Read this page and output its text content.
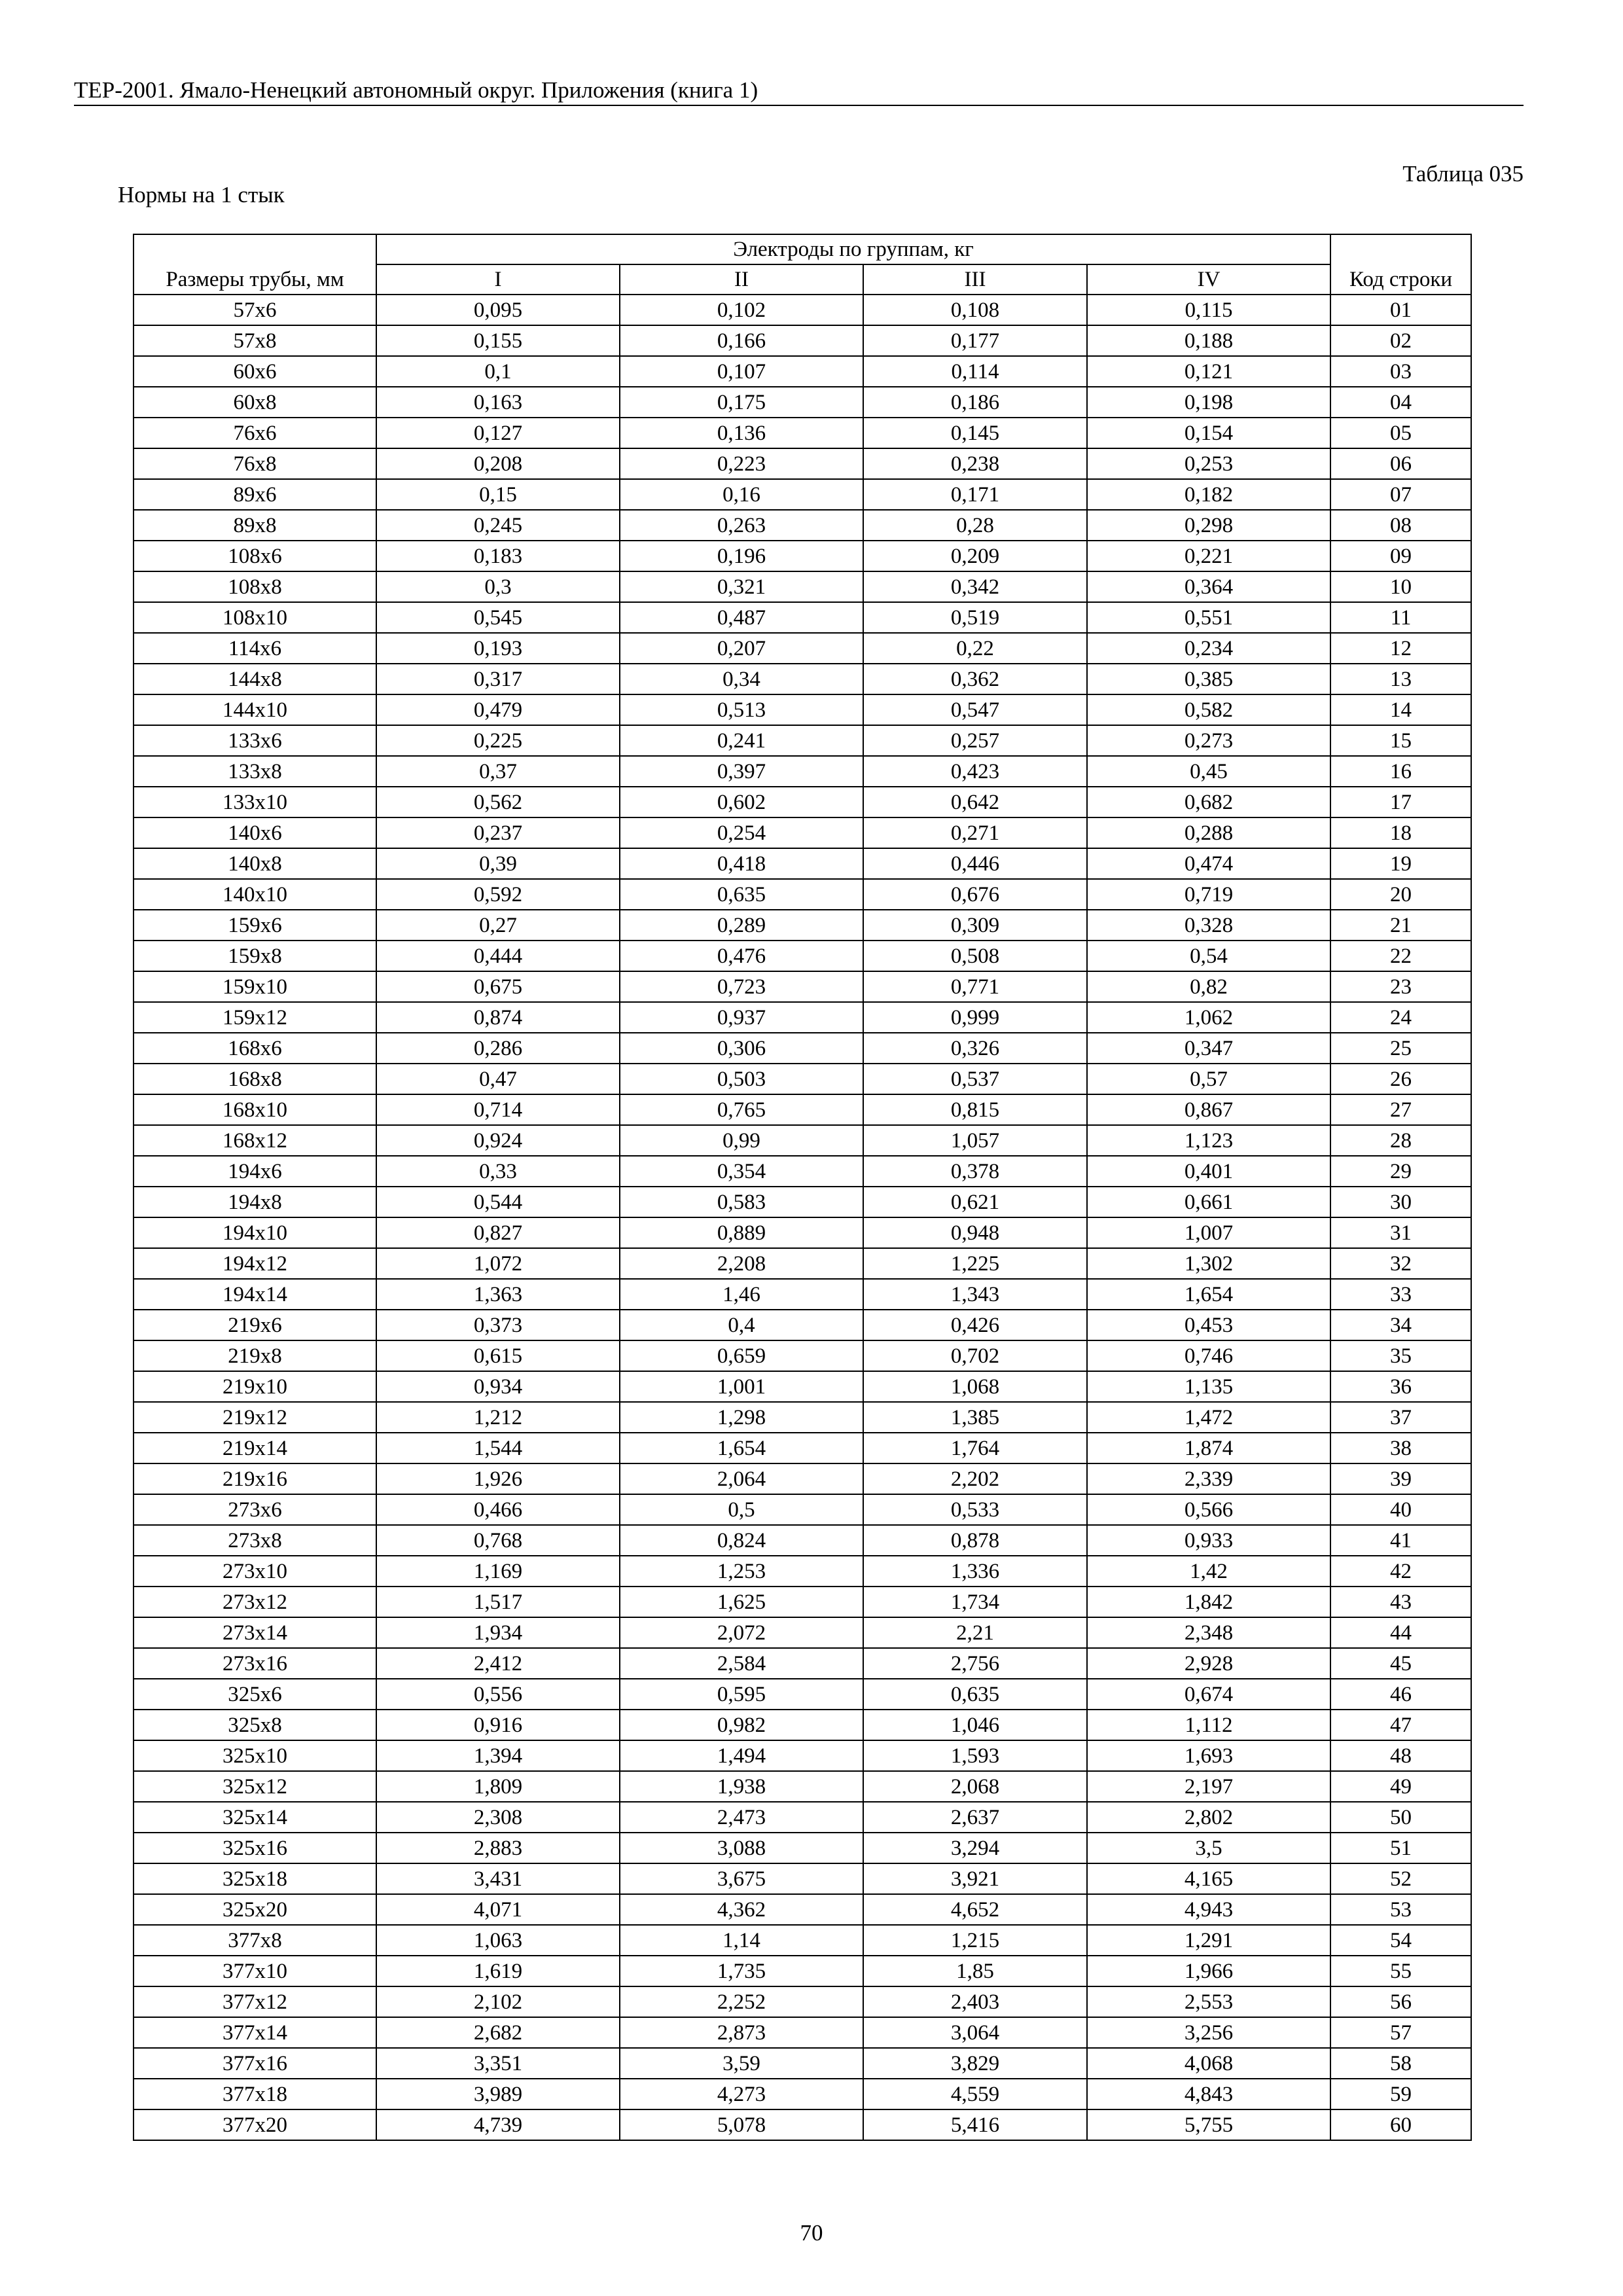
ТЕР-2001. Ямало-Ненецкий автономный округ. Приложения (книга 1)
Таблица 035
Нормы на 1 стык
Размеры трубы, мм	Электроды по группам, кг				Код строки
	I	II	III	IV	
57х6	0,095	0,102	0,108	0,115	01
57х8	0,155	0,166	0,177	0,188	02
60х6	0,1	0,107	0,114	0,121	03
60х8	0,163	0,175	0,186	0,198	04
76х6	0,127	0,136	0,145	0,154	05
76х8	0,208	0,223	0,238	0,253	06
89х6	0,15	0,16	0,171	0,182	07
89х8	0,245	0,263	0,28	0,298	08
108х6	0,183	0,196	0,209	0,221	09
108х8	0,3	0,321	0,342	0,364	10
108х10	0,545	0,487	0,519	0,551	11
114х6	0,193	0,207	0,22	0,234	12
144х8	0,317	0,34	0,362	0,385	13
144х10	0,479	0,513	0,547	0,582	14
133х6	0,225	0,241	0,257	0,273	15
133х8	0,37	0,397	0,423	0,45	16
133х10	0,562	0,602	0,642	0,682	17
140х6	0,237	0,254	0,271	0,288	18
140х8	0,39	0,418	0,446	0,474	19
140х10	0,592	0,635	0,676	0,719	20
159х6	0,27	0,289	0,309	0,328	21
159х8	0,444	0,476	0,508	0,54	22
159х10	0,675	0,723	0,771	0,82	23
159х12	0,874	0,937	0,999	1,062	24
168х6	0,286	0,306	0,326	0,347	25
168х8	0,47	0,503	0,537	0,57	26
168х10	0,714	0,765	0,815	0,867	27
168х12	0,924	0,99	1,057	1,123	28
194х6	0,33	0,354	0,378	0,401	29
194х8	0,544	0,583	0,621	0,661	30
194х10	0,827	0,889	0,948	1,007	31
194х12	1,072	2,208	1,225	1,302	32
194х14	1,363	1,46	1,343	1,654	33
219х6	0,373	0,4	0,426	0,453	34
219х8	0,615	0,659	0,702	0,746	35
219х10	0,934	1,001	1,068	1,135	36
219х12	1,212	1,298	1,385	1,472	37
219х14	1,544	1,654	1,764	1,874	38
219х16	1,926	2,064	2,202	2,339	39
273х6	0,466	0,5	0,533	0,566	40
273х8	0,768	0,824	0,878	0,933	41
273х10	1,169	1,253	1,336	1,42	42
273х12	1,517	1,625	1,734	1,842	43
273х14	1,934	2,072	2,21	2,348	44
273х16	2,412	2,584	2,756	2,928	45
325х6	0,556	0,595	0,635	0,674	46
325х8	0,916	0,982	1,046	1,112	47
325х10	1,394	1,494	1,593	1,693	48
325х12	1,809	1,938	2,068	2,197	49
325х14	2,308	2,473	2,637	2,802	50
325х16	2,883	3,088	3,294	3,5	51
325х18	3,431	3,675	3,921	4,165	52
325х20	4,071	4,362	4,652	4,943	53
377х8	1,063	1,14	1,215	1,291	54
377х10	1,619	1,735	1,85	1,966	55
377х12	2,102	2,252	2,403	2,553	56
377х14	2,682	2,873	3,064	3,256	57
377х16	3,351	3,59	3,829	4,068	58
377х18	3,989	4,273	4,559	4,843	59
377х20	4,739	5,078	5,416	5,755	60
70
